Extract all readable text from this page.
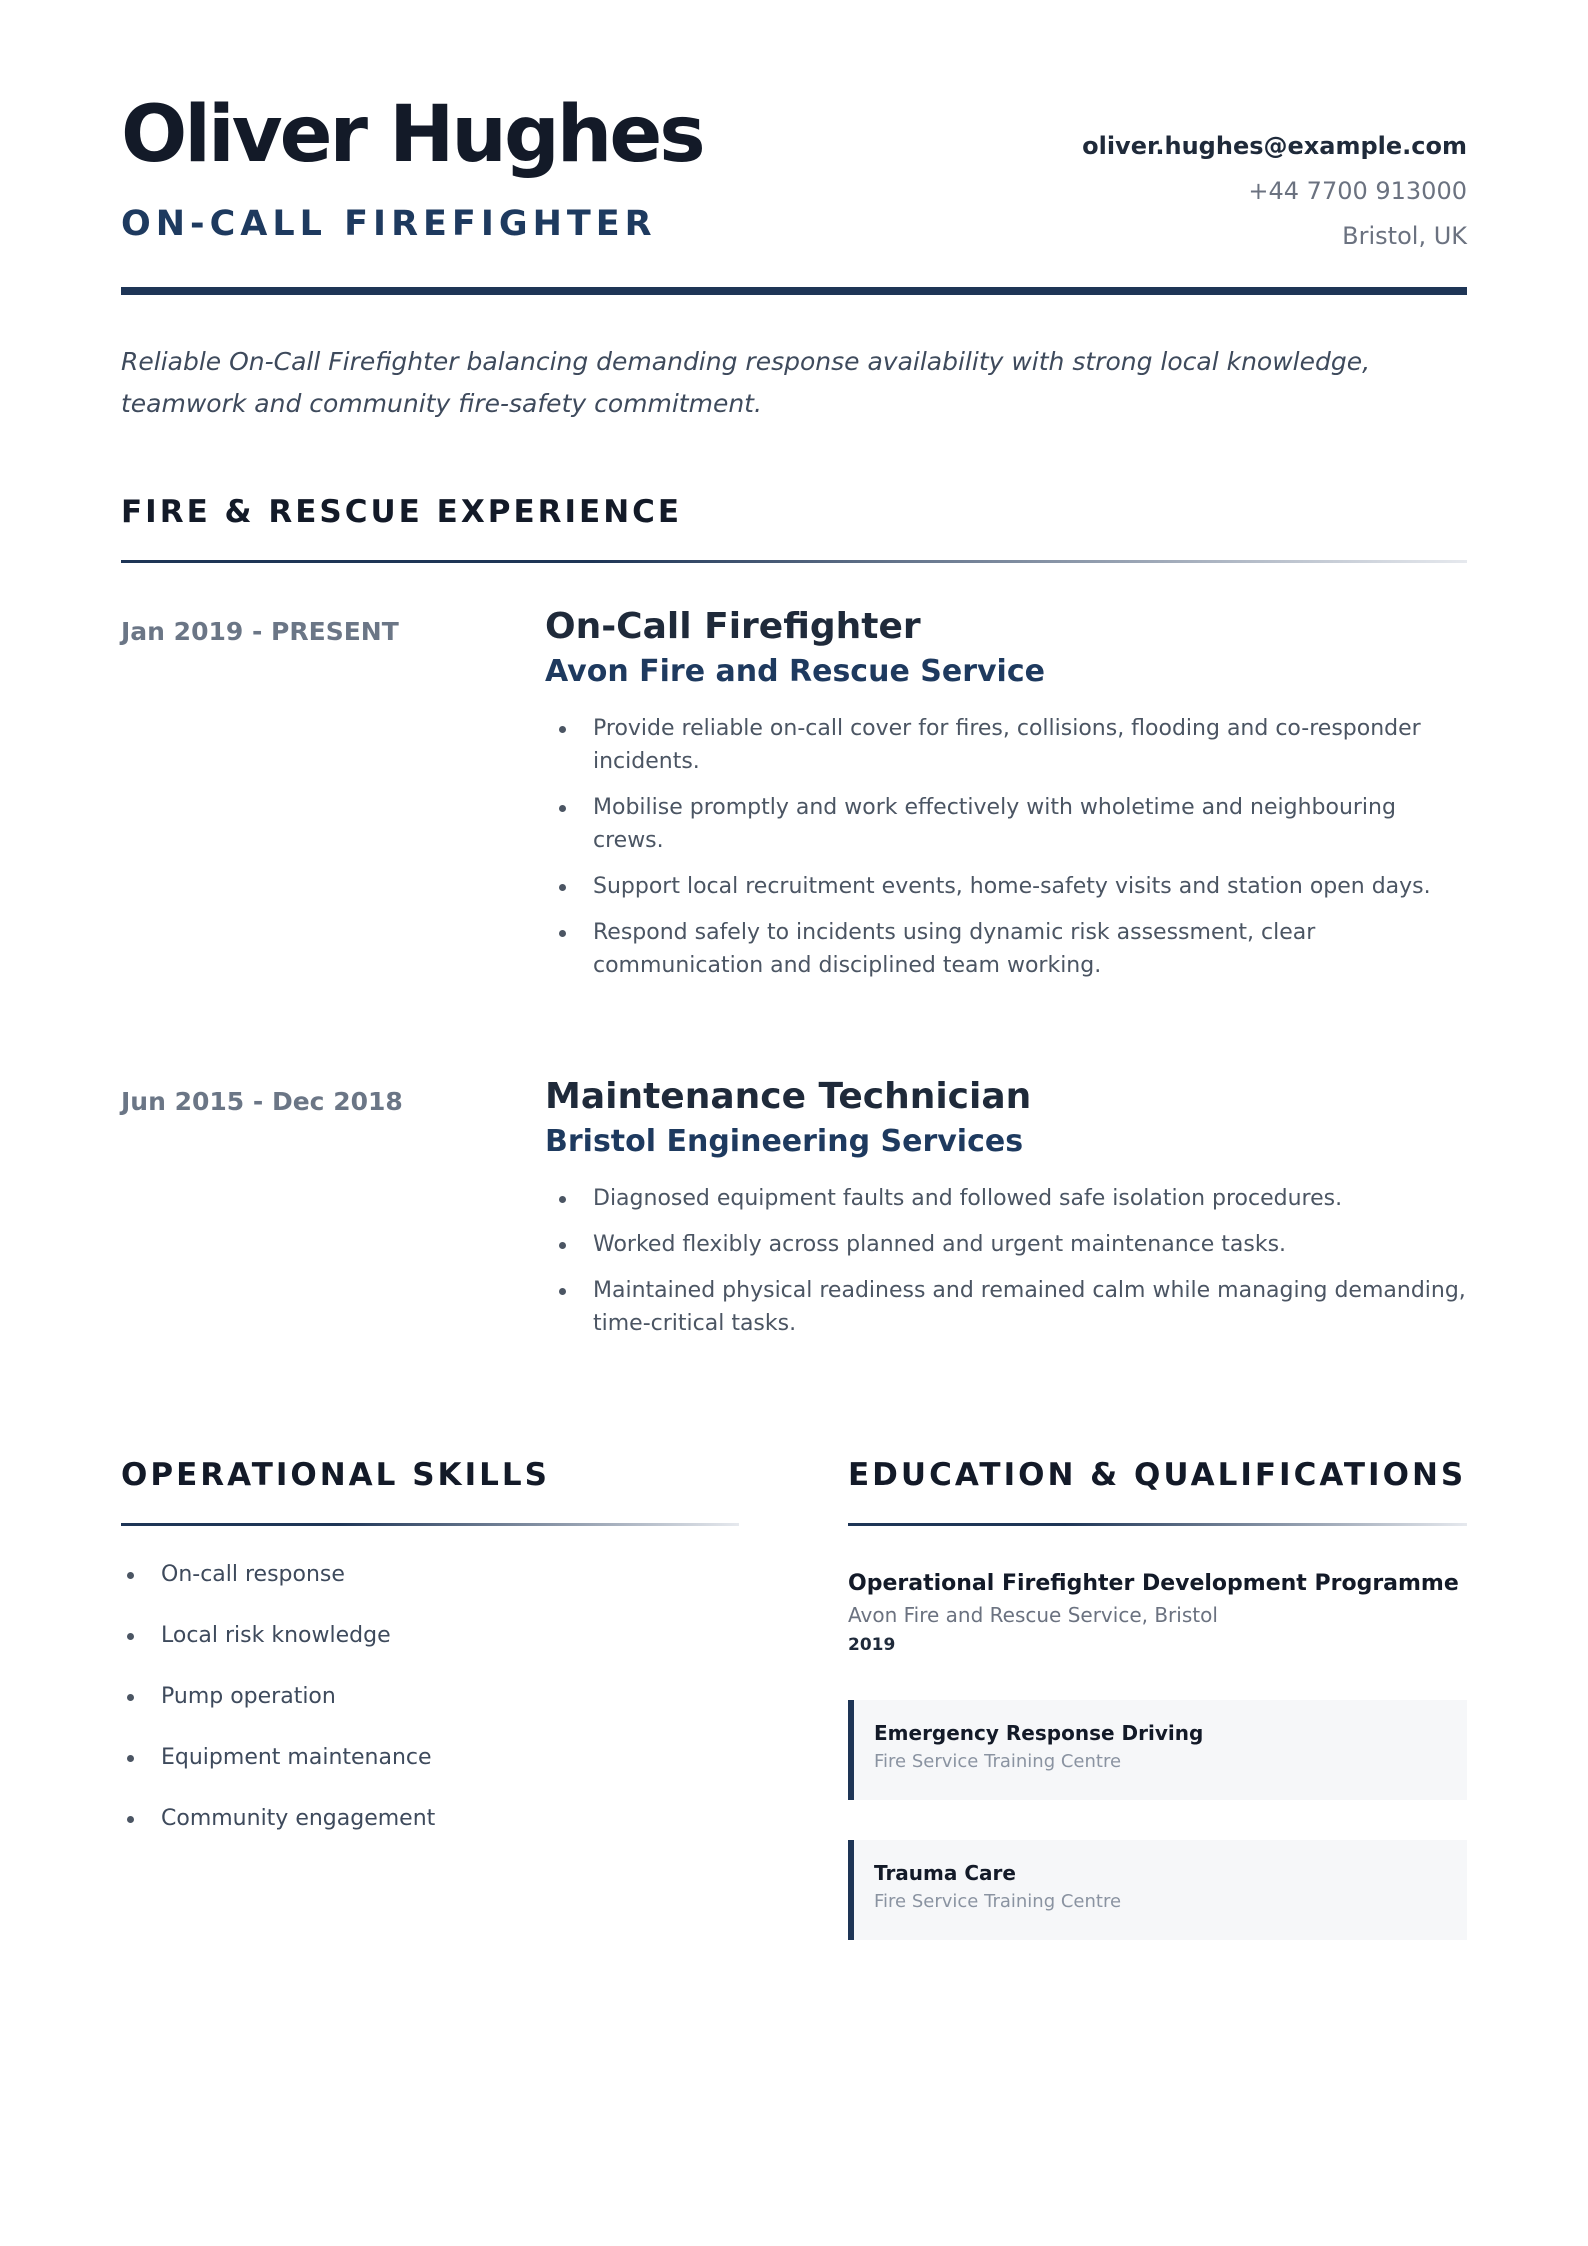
Oliver Hughes
ON-CALL FIREFIGHTER
oliver.hughes@example.com
+44 7700 913000
Bristol, UK

Reliable On-Call Firefighter balancing demanding response availability with strong local knowledge, teamwork and community fire-safety commitment.

FIRE & RESCUE EXPERIENCE
Jan 2019 - PRESENT	On-Call Firefighter

Avon Fire and Rescue Service

Provide reliable on-call cover for fires, collisions, flooding and co-responder incidents.
Mobilise promptly and work effectively with wholetime and neighbouring crews.
Support local recruitment events, home-safety visits and station open days.
Respond safely to incidents using dynamic risk assessment, clear communication and disciplined team working.
Jun 2015 - Dec 2018	Maintenance Technician

Bristol Engineering Services

Diagnosed equipment faults and followed safe isolation procedures.
Worked flexibly across planned and urgent maintenance tasks.
Maintained physical readiness and remained calm while managing demanding, time-critical tasks.
OPERATIONAL SKILLS
On-call response
Local risk knowledge
Pump operation
Equipment maintenance
Community engagement
EDUCATION & QUALIFICATIONS

Operational Firefighter Development Programme

Avon Fire and Rescue Service, Bristol

2019

Emergency Response Driving

Fire Service Training Centre

Trauma Care

Fire Service Training Centre
